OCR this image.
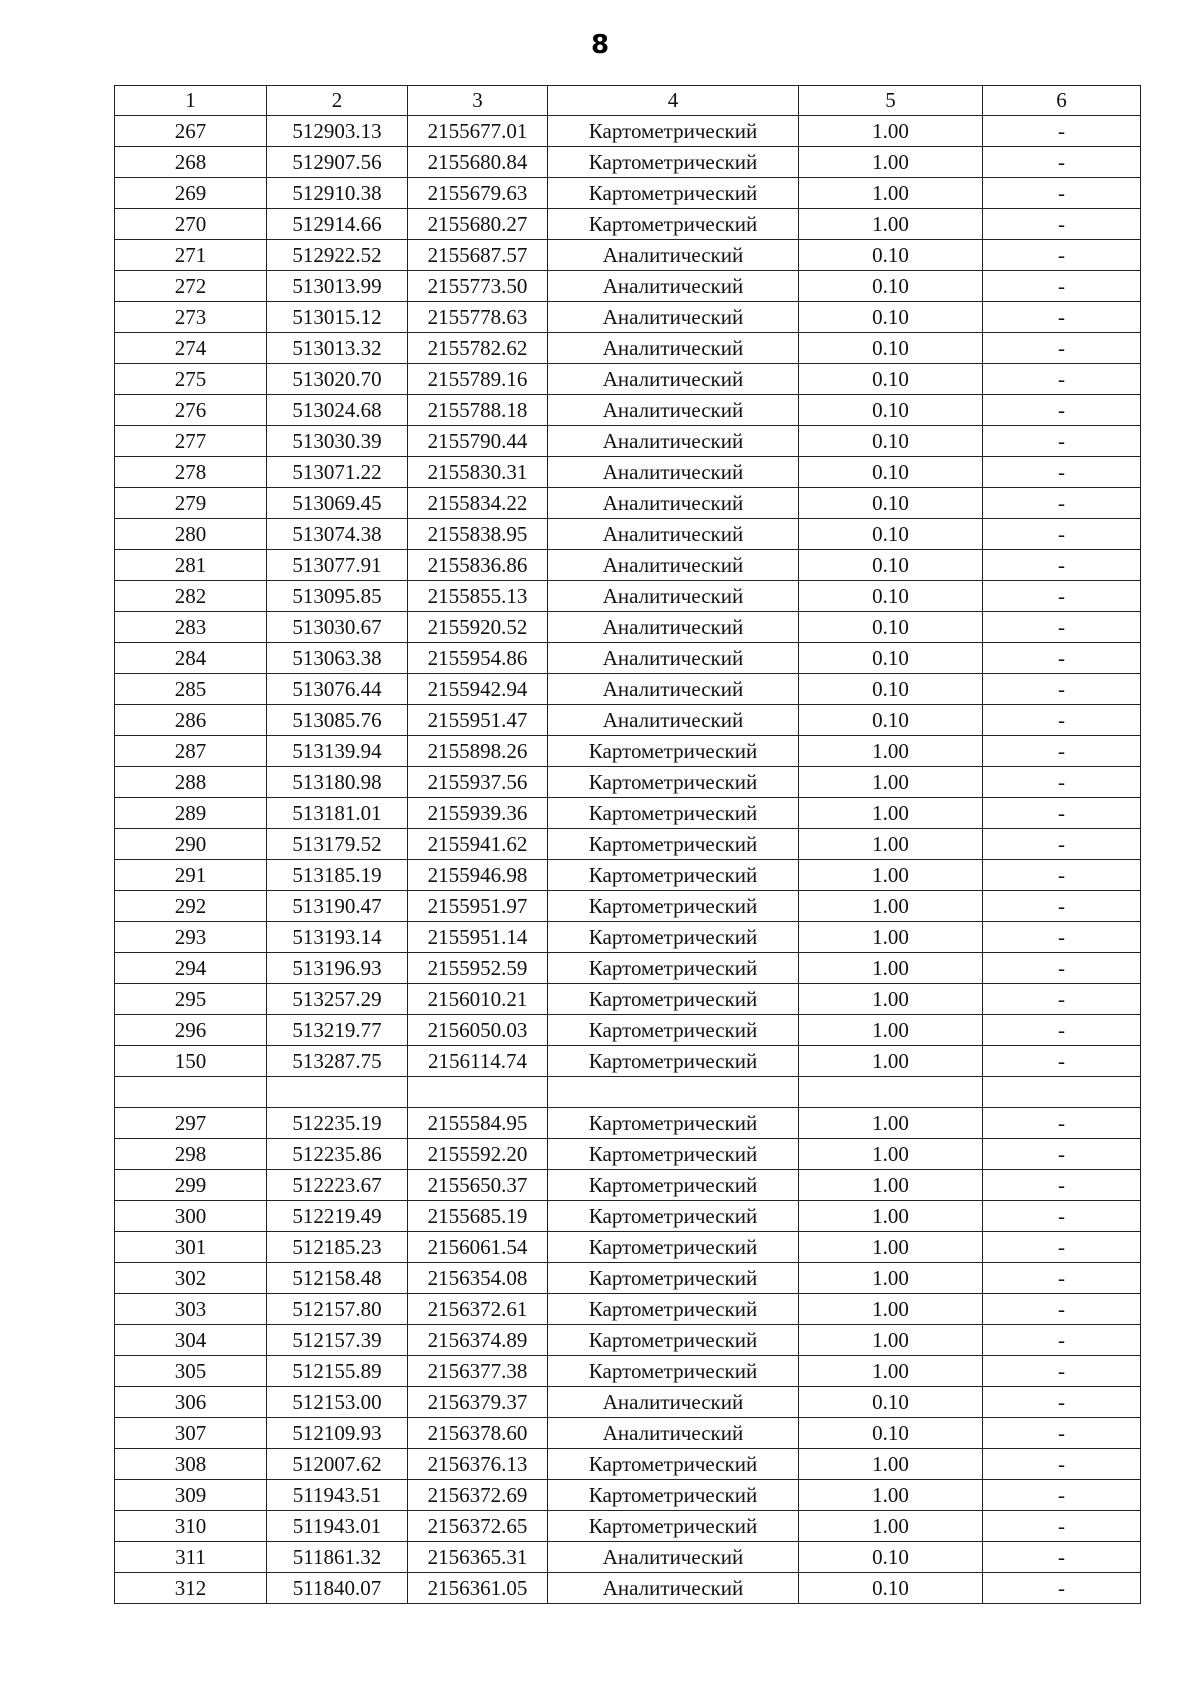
8
1	2	3	4	5	6
267	512903.13	2155677.01	Картометрический	1.00	-
268	512907.56	2155680.84	Картометрический	1.00	-
269	512910.38	2155679.63	Картометрический	1.00	-
270	512914.66	2155680.27	Картометрический	1.00	-
271	512922.52	2155687.57	Аналитический	0.10	-
272	513013.99	2155773.50	Аналитический	0.10	-
273	513015.12	2155778.63	Аналитический	0.10	-
274	513013.32	2155782.62	Аналитический	0.10	-
275	513020.70	2155789.16	Аналитический	0.10	-
276	513024.68	2155788.18	Аналитический	0.10	-
277	513030.39	2155790.44	Аналитический	0.10	-
278	513071.22	2155830.31	Аналитический	0.10	-
279	513069.45	2155834.22	Аналитический	0.10	-
280	513074.38	2155838.95	Аналитический	0.10	-
281	513077.91	2155836.86	Аналитический	0.10	-
282	513095.85	2155855.13	Аналитический	0.10	-
283	513030.67	2155920.52	Аналитический	0.10	-
284	513063.38	2155954.86	Аналитический	0.10	-
285	513076.44	2155942.94	Аналитический	0.10	-
286	513085.76	2155951.47	Аналитический	0.10	-
287	513139.94	2155898.26	Картометрический	1.00	-
288	513180.98	2155937.56	Картометрический	1.00	-
289	513181.01	2155939.36	Картометрический	1.00	-
290	513179.52	2155941.62	Картометрический	1.00	-
291	513185.19	2155946.98	Картометрический	1.00	-
292	513190.47	2155951.97	Картометрический	1.00	-
293	513193.14	2155951.14	Картометрический	1.00	-
294	513196.93	2155952.59	Картометрический	1.00	-
295	513257.29	2156010.21	Картометрический	1.00	-
296	513219.77	2156050.03	Картометрический	1.00	-
150	513287.75	2156114.74	Картометрический	1.00	-

297	512235.19	2155584.95	Картометрический	1.00	-
298	512235.86	2155592.20	Картометрический	1.00	-
299	512223.67	2155650.37	Картометрический	1.00	-
300	512219.49	2155685.19	Картометрический	1.00	-
301	512185.23	2156061.54	Картометрический	1.00	-
302	512158.48	2156354.08	Картометрический	1.00	-
303	512157.80	2156372.61	Картометрический	1.00	-
304	512157.39	2156374.89	Картометрический	1.00	-
305	512155.89	2156377.38	Картометрический	1.00	-
306	512153.00	2156379.37	Аналитический	0.10	-
307	512109.93	2156378.60	Аналитический	0.10	-
308	512007.62	2156376.13	Картометрический	1.00	-
309	511943.51	2156372.69	Картометрический	1.00	-
310	511943.01	2156372.65	Картометрический	1.00	-
311	511861.32	2156365.31	Аналитический	0.10	-
312	511840.07	2156361.05	Аналитический	0.10	-
